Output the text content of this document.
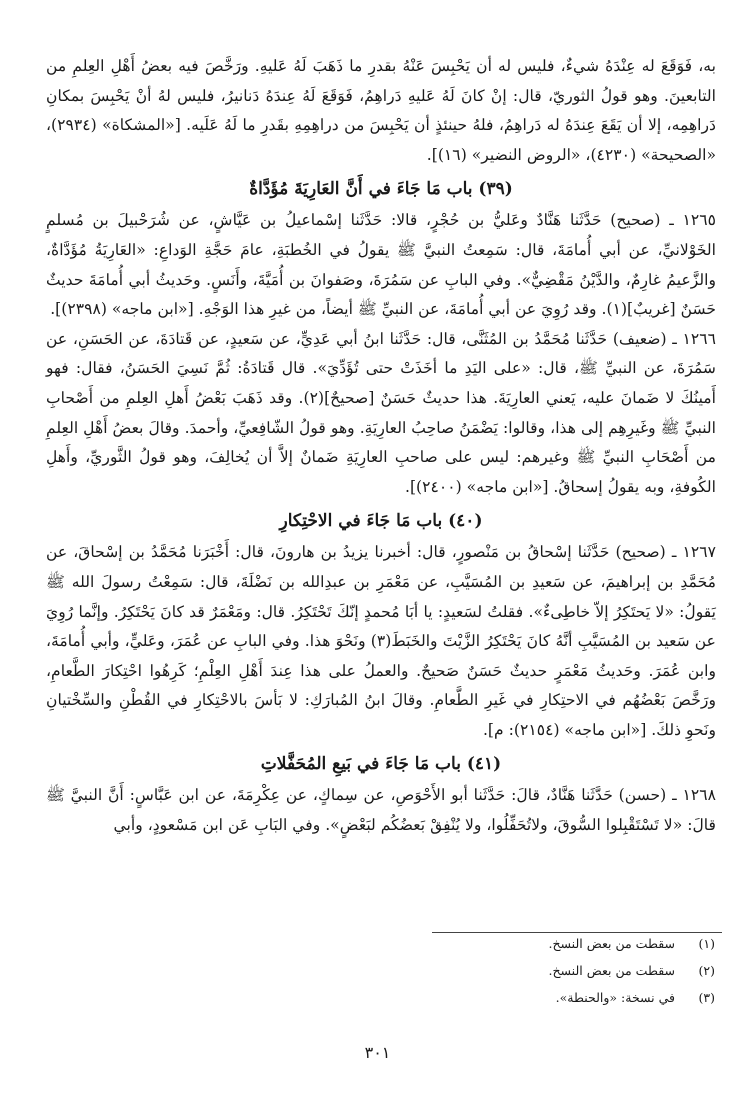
به، فَوَقَعَ له عِنْدَهُ شيءٌ، فليس له أن يَحْبِسَ عَنْهُ بقدرِ ما ذَهَبَ لَهُ عَليهِ. ورَخَّصَ فيه بعضُ أَهْلِ العِلمِ من التابعينَ. وهو قولُ الثوريّ، قال: إنْ كانَ لَهُ عَليهِ دَراهِمُ، فَوَقَعَ لَهُ عِندَهُ دَنانيرُ، فليس لهُ أنْ يَحْبِسَ بمكانِ دَراهِمِه، إلا أن يَقَعَ عِندَهُ له دَراهِمُ، فلهُ حينئذٍ أن يَحْبِسَ من دراهِمِهِ بقَدرِ ما لَهُ عَلَيه. [«المشكاة» (٢٩٣٤)، «الصحيحة» (٤٢٣٠)، «الروض النضير» (١٦)].

(٣٩) باب مَا جَاءَ في أَنَّ العَارِيَةَ مُؤَدَّاةٌ

١٢٦٥ ـ (صحيح) حَدَّثَنا هَنَّادٌ وعَليُّ بن حُجْرٍ، قالا: حَدَّثَنا إسْماعيلُ بن عَيَّاشٍ، عن شُرَحْبيلَ بن مُسلمٍ الخَوْلانيِّ، عن أبي أُمامَةَ، قال: سَمِعتُ النبيَّ ﷺ يقولُ في الخُطبَةِ، عامَ حَجَّةِ الوَداعِ: «العَارِيَةُ مُؤَدَّاةٌ، والزَّعيمُ غارِمٌ، والدَّيْنُ مَقْضِيٌّ». وفي البابِ عن سَمُرَةَ، وصَفوانَ بن أُمَيَّةَ، وأَنَسٍ. وحَديثُ أبي أُمامَةَ حديثٌ حَسَنٌ [غريبٌ](١). وقد رُوِيَ عن أبي أُمامَةَ، عن النبيِّ ﷺ أيضاً، من غيرِ هذا الوَجْهِ. [«ابن ماجه» (٢٣٩٨)].

١٢٦٦ ـ (ضعيف) حَدَّثَنا مُحَمَّدُ بن المُثَنَّى، قال: حَدَّثَنا ابنُ أبي عَدِيٍّ، عن سَعيدٍ، عن قَتادَةَ، عن الحَسَنِ، عن سَمُرَةَ، عن النبيِّ ﷺ، قال: «على اليَدِ ما أخَذَتْ حتى تُؤَدِّيَ». قال قَتادَةُ: ثُمَّ نَسِيَ الحَسَنُ، فقال: فهو أَمينُكَ لا ضَمانَ عليه، يَعني العارِيَةَ. هذا حديثٌ حَسَنٌ [صحيحٌ](٢). وقد ذَهَبَ بَعْضُ أَهلِ العِلمِ من أَصْحابِ النبيِّ ﷺ وغَيرِهِم إلى هذا، وقالوا: يَضْمَنُ صاحِبُ العارِيَةِ. وهو قولُ الشّافِعيِّ، وأحمدَ. وقالَ بعضُ أَهْلِ العِلمِ من أَصْحَابِ النبيِّ ﷺ وغيرهم: ليس على صاحبِ العارِيَةِ ضَمانٌ إلاَّ أن يُخالِفَ، وهو قولُ الثَّوريِّ، وأَهلِ الكُوفةِ، وبه يقولُ إسحاقُ. [«ابن ماجه» (٢٤٠٠)].

(٤٠) باب مَا جَاءَ في الاحْتِكارِ

١٢٦٧ ـ (صحيح) حَدَّثَنا إسْحاقُ بن مَنْصورٍ، قال: أخبرنا يزيدُ بن هارونَ، قال: أَخْبَرَنا مُحَمَّدُ بن إسْحاقَ، عن مُحَمَّدِ بن إبراهيمَ، عن سَعيدِ بن المُسَيَّبِ، عن مَعْمَرِ بن عبدِالله بن نَضْلَةَ، قال: سَمِعْتُ رسولَ الله ﷺ يَقولُ: «لا يَحتَكِرُ إلاّ خاطِىءٌ». فقلتُ لسَعيدٍ: يا أبَا مُحمدٍ إنّكَ تَحْتَكِرُ. قال: ومَعْمَرٌ قد كانَ يَحْتَكِرُ. وإنَّما رُوِيَ عن سَعيد بن المُسَيَّبِ أنَّهُ كانَ يَحْتَكِرُ الزَّيْتَ والخَبَطَ(٣) ونَحْوَ هذا. وفي البابِ عن عُمَرَ، وعَليٍّ، وأبي أُمامَةَ، وابن عُمَرَ. وحَديثُ مَعْمَرٍ حديثٌ حَسَنٌ صَحيحٌ. والعملُ على هذا عِندَ أَهْلِ العِلْمِ؛ كَرِهُوا احْتِكارَ الطَّعامِ، ورَخَّصَ بَعْضُهُم في الاحتِكارِ في غَيرِ الطَّعامِ. وقالَ ابنُ المُبارَكِ: لا بَأسَ بالاحْتِكارِ في القُطْنِ والسِّخْتيانِ ونَحوِ ذلكَ. [«ابن ماجه» (٢١٥٤): م].

(٤١) باب مَا جَاءَ في بَيعِ المُحَفَّلاتِ

١٢٦٨ ـ (حسن) حَدَّثَنا هَنَّادٌ، قالَ: حَدَّثَنا أبو الأَحْوَصِ، عن سِماكٍ، عن عِكْرِمَةَ، عن ابن عَبَّاسٍ: أَنَّ النبيَّ ﷺ قالَ: «لا تَسْتَقْبِلوا السُّوقَ، ولاتُحَفِّلُوا، ولا يُنْفِقْ بَعضُكُم لبَعْضٍ». وفي البَابِ عَن ابن مَسْعودٍ، وأبي

(١) سقطت من بعض النسخ.
(٢) سقطت من بعض النسخ.
(٣) في نسخة: «والحنطة».
٣٠١
